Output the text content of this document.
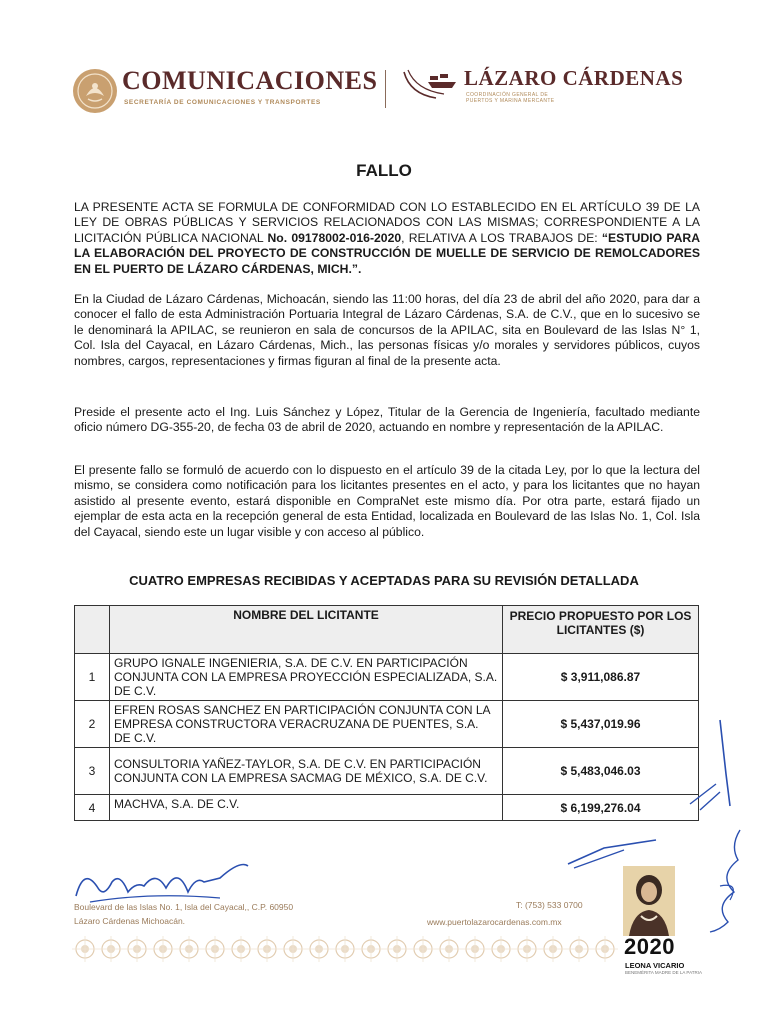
COMUNICACIONES
SECRETARÍA DE COMUNICACIONES Y TRANSPORTES
LÁZARO CÁRDENAS
COORDINACIÓN GENERAL DE PUERTOS Y MARINA MERCANTE
FALLO
LA PRESENTE ACTA SE FORMULA DE CONFORMIDAD CON LO ESTABLECIDO EN EL ARTÍCULO 39 DE LA LEY DE OBRAS PÚBLICAS Y SERVICIOS RELACIONADOS CON LAS MISMAS; CORRESPONDIENTE A LA LICITACIÓN PÚBLICA NACIONAL No. 09178002-016-2020, RELATIVA A LOS TRABAJOS DE: “ESTUDIO PARA LA ELABORACIÓN DEL PROYECTO DE CONSTRUCCIÓN DE MUELLE DE SERVICIO DE REMOLCADORES EN EL PUERTO DE LÁZARO CÁRDENAS, MICH.”.
En la Ciudad de Lázaro Cárdenas, Michoacán, siendo las 11:00 horas, del día 23 de abril del año 2020, para dar a conocer el fallo de esta Administración Portuaria Integral de Lázaro Cárdenas, S.A. de C.V., que en lo sucesivo se le denominará la APILAC, se reunieron en sala de concursos de la APILAC, sita en Boulevard de las Islas N° 1, Col. Isla del Cayacal, en Lázaro Cárdenas, Mich., las personas físicas y/o morales y servidores públicos, cuyos nombres, cargos, representaciones y firmas figuran al final de la presente acta.
Preside el presente acto el Ing. Luis Sánchez y López, Titular de la Gerencia de Ingeniería, facultado mediante oficio número DG-355-20, de fecha 03 de abril de 2020, actuando en nombre y representación de la APILAC.
El presente fallo se formuló de acuerdo con lo dispuesto en el artículo 39 de la citada Ley, por lo que la lectura del mismo, se considera como notificación para los licitantes presentes en el acto, y para los licitantes que no hayan asistido al presente evento, estará disponible en CompraNet este mismo día. Por otra parte, estará fijado un ejemplar de esta acta en la recepción general de esta Entidad, localizada en Boulevard de las Islas No. 1, Col. Isla del Cayacal, siendo este un lugar visible y con acceso al público.
CUATRO EMPRESAS RECIBIDAS Y ACEPTADAS PARA SU REVISIÓN DETALLADA
	NOMBRE DEL LICITANTE	PRECIO PROPUESTO POR LOS LICITANTES ($)
1	GRUPO IGNALE INGENIERIA, S.A. DE C.V. EN PARTICIPACIÓN CONJUNTA CON LA EMPRESA PROYECCIÓN ESPECIALIZADA, S.A. DE C.V.	$ 3,911,086.87
2	EFREN ROSAS SANCHEZ EN PARTICIPACIÓN CONJUNTA CON LA EMPRESA CONSTRUCTORA VERACRUZANA DE PUENTES, S.A. DE C.V.	$ 5,437,019.96
3	CONSULTORIA YAÑEZ-TAYLOR, S.A. DE C.V. EN PARTICIPACIÓN CONJUNTA CON LA EMPRESA SACMAG DE MÉXICO, S.A. DE C.V.	$ 5,483,046.03
4	MACHVA, S.A. DE C.V.	$ 6,199,276.04
Boulevard de las Islas No. 1, Isla del Cayacal,, C.P. 60950
Lázaro Cárdenas Michoacán.
T: (753) 533 0700
www.puertolazarocardenas.com.mx
2020
LEONA VICARIO
BENEMÉRITA MADRE DE LA PATRIA
